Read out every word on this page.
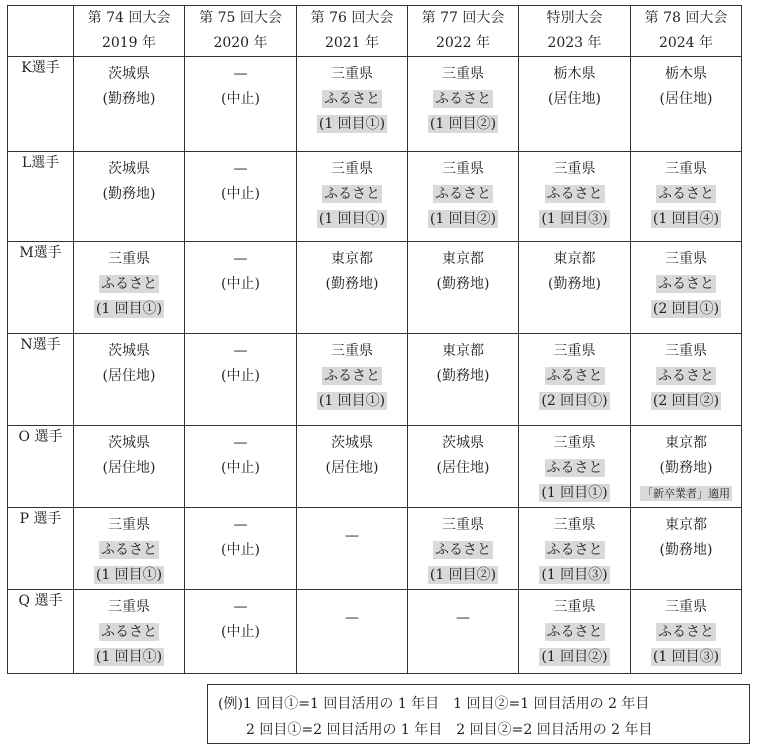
	第 74 回大会
2019 年	第 75 回大会
2020 年	第 76 回大会
2021 年	第 77 回大会
2022 年	特別大会
2023 年	第 78 回大会
2024 年

K選手	茨城県
(勤務地)	—
(中止)	三重県
ふるさと
(1 回目①)	三重県
ふるさと
(1 回目②)	栃木県
(居住地)	栃木県
(居住地)

L選手	茨城県
(勤務地)	—
(中止)	三重県
ふるさと
(1 回目①)	三重県
ふるさと
(1 回目②)	三重県
ふるさと
(1 回目③)	三重県
ふるさと
(1 回目④)

M選手	三重県
ふるさと
(1 回目①)	—
(中止)	東京都
(勤務地)	東京都
(勤務地)	東京都
(勤務地)	三重県
ふるさと
(2 回目①)

N選手	茨城県
(居住地)	—
(中止)	三重県
ふるさと
(1 回目①)	東京都
(勤務地)	三重県
ふるさと
(2 回目①)	三重県
ふるさと
(2 回目②)

O 選手	茨城県
(居住地)	—
(中止)	茨城県
(居住地)	茨城県
(居住地)	三重県
ふるさと
(1 回目①)	東京都
(勤務地)
「新卒業者」適用

P 選手	三重県
ふるさと
(1 回目①)	—
(中止)	—	三重県
ふるさと
(1 回目②)	三重県
ふるさと
(1 回目③)	東京都
(勤務地)

Q 選手	三重県
ふるさと
(1 回目①)	—
(中止)	—	—	三重県
ふるさと
(1 回目②)	三重県
ふるさと
(1 回目③)
(例)1 回目①=1 回目活用の 1 年目　1 回目②=1 回目活用の 2 年目
2 回目①=2 回目活用の 1 年目　2 回目②=2 回目活用の 2 年目
